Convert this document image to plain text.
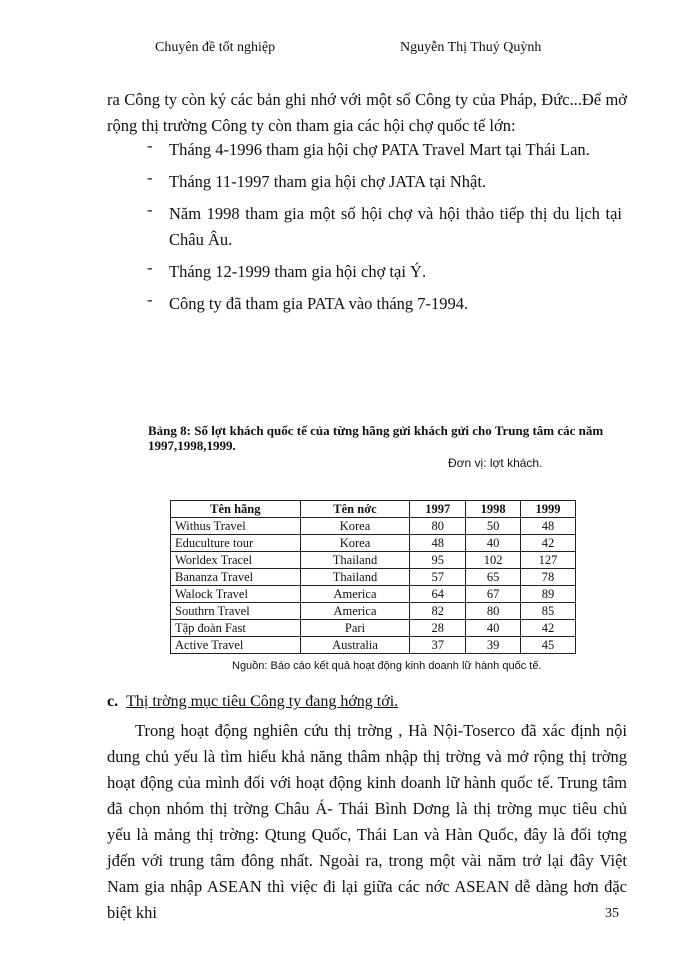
Chuyên đề tốt nghiệp	Nguyễn Thị Thuý Quỳnh

ra Công ty còn ký các bản ghi nhớ với một số Công ty của Pháp, Đức...Để mở rộng thị trường Công ty còn tham gia các hội chợ quốc tế lớn:

- Tháng 4-1996 tham gia hội chợ PATA Travel Mart tại Thái Lan.
- Tháng 11-1997 tham gia hội chợ JATA tại Nhật.
- Năm 1998 tham gia một số hội chợ và hội thảo tiếp thị du lịch tại Châu Âu.
- Tháng 12-1999 tham gia hội chợ tại Ý.
- Công ty đã tham gia PATA vào tháng 7-1994.
Bảng 8: Số lợt khách quốc tế của từng hãng gửi khách gửi cho Trung tâm các năm 1997,1998,1999.
Đơn vị: lợt khách.
Tên hãng	Tên nớc	1997	1998	1999
Withus Travel	Korea	80	50	48
Educulture tour	Korea	48	40	42
Worldex Tracel	Thailand	95	102	127
Bananza Travel	Thailand	57	65	78
Walock Travel	America	64	67	89
Southrn Travel	America	82	80	85
Tập đoàn Fast	Pari	28	40	42
Active Travel	Australia	37	39	45
Nguồn: Báo cáo kết quả hoạt động kinh doanh lữ hành quốc tế.
c. Thị trờng mục tiêu Công ty đang hớng tới.

Trong hoạt động nghiên cứu thị trờng , Hà Nội-Toserco đã xác định nội dung chủ yếu là tìm hiểu khả năng thâm nhập thị trờng và mở rộng thị trờng hoạt động của mình đối với hoạt động kinh doanh lữ hành quốc tế. Trung tâm đã chọn nhóm thị trờng Châu Á- Thái Bình Dơng là thị trờng mục tiêu chủ yếu là mảng thị trờng: Qtung Quốc, Thái Lan và Hàn Quốc, đây là đối tợng jđến với trung tâm đông nhất. Ngoài ra, trong một vài năm trở lại đây Việt Nam gia nhập ASEAN thì việc đi lại giữa các nớc ASEAN dễ dàng hơn đặc biệt khi	35
